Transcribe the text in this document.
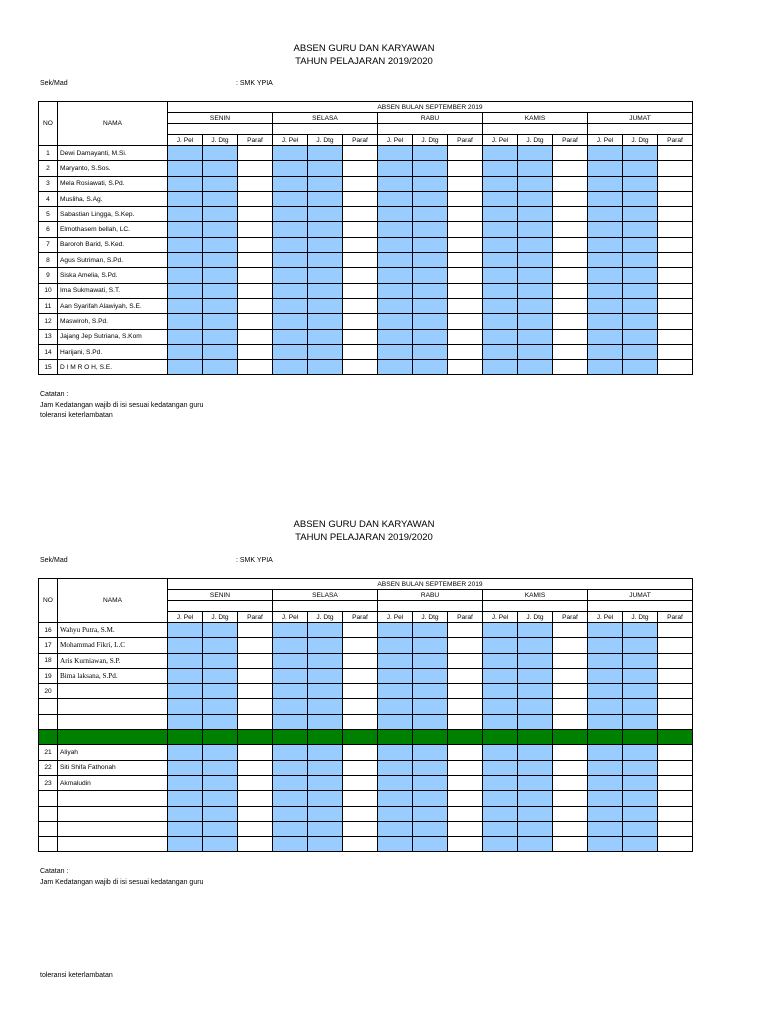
ABSEN GURU DAN KARYAWAN
TAHUN PELAJARAN 2019/2020
Sek/Mad	: SMK YPIA
NO	NAMA	ABSEN BULAN SEPTEMBER 2019														
		SENIN			SELASA			RABU			KAMIS			JUMAT		

		J. Pel	J. Dtg	Paraf	J. Pel	J. Dtg	Paraf	J. Pel	J. Dtg	Paraf	J. Pel	J. Dtg	Paraf	J. Pel	J. Dtg	Paraf
1	Dewi Damayanti, M.Si.															
2	Maryanto, S.Sos.															
3	Mela Rosiawati, S.Pd.															
4	Musliha, S.Ag.															
5	Sabastian Lingga, S.Kep.															
6	Elmothasem bellah, LC.															
7	Baroroh Barid, S.Ked.															
8	Agus Sutriman, S.Pd.															
9	Siska Amelia, S.Pd.															
10	Ima Sukmawati, S.T.															
11	Aan Syarifah Alawiyah, S.E.															
12	Maswiroh, S.Pd.															
13	Jajang Jep Sutriana, S.Kom															
14	Harijani, S.Pd.															
15	D I M R O H, S.E.															
Catatan :
Jam Kedatangan wajib di isi sesuai kedatangan guru
toleransi keterlambatan
ABSEN GURU DAN KARYAWAN
TAHUN PELAJARAN 2019/2020
Sek/Mad	: SMK YPIA
NO	NAMA	ABSEN BULAN SEPTEMBER 2019														
		SENIN			SELASA			RABU			KAMIS			JUMAT		

		J. Pel	J. Dtg	Paraf	J. Pel	J. Dtg	Paraf	J. Pel	J. Dtg	Paraf	J. Pel	J. Dtg	Paraf	J. Pel	J. Dtg	Paraf
16	Wahyu Putra, S.M.															
17	Mohammad Fikri, L.C															
18	Aris Kurniawan, S.P.															
19	Bima laksana, S.Pd.															
20																

21	Aliyah															
22	Siti Shifa Fathonah															
23	Akmaludin															

Catatan :
Jam Kedatangan wajib di isi sesuai kedatangan guru
toleransi keterlambatan
